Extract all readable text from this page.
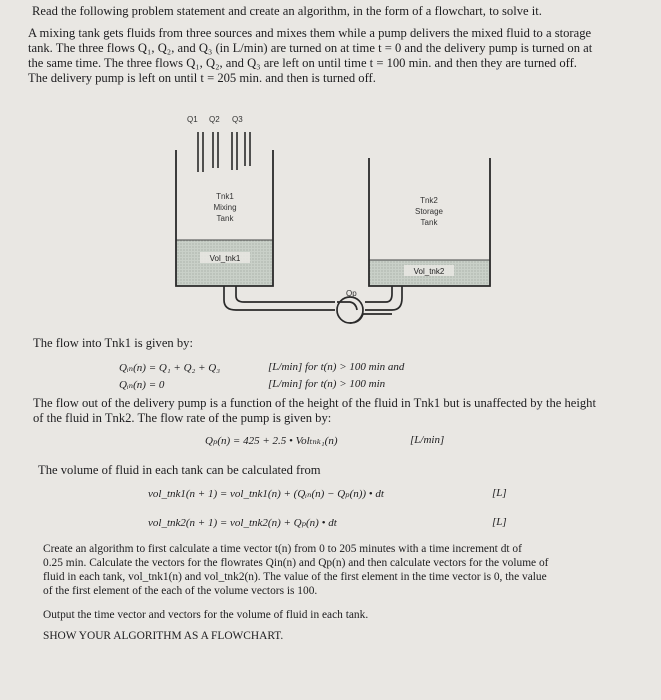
Read the following problem statement and create an algorithm, in the form of a flowchart, to solve it.
A mixing tank gets fluids from three sources and mixes them while a pump delivers the mixed fluid to a storage
tank. The three flows Q₁, Q₂, and Q₃ (in L/min) are turned on at time t = 0 and the delivery pump is turned on at
the same time. The three flows Q₁, Q₂, and Q₃ are left on until time t = 100 min. and then they are turned off.
The delivery pump is left on until t = 205 min. and then is turned off.
Q1 Q2 Q3
Tnk1
Mixing
Tank
Vol_tnk1
Tnk2
Storage
Tank
Vol_tnk2
Qp
The flow into Tnk1 is given by:
Qᵢₙ(n) = Q₁ + Q₂ + Q₃	[L/min] for t(n) > 100 min and
Qᵢₙ(n) = 0	[L/min] for t(n) > 100 min
The flow out of the delivery pump is a function of the height of the fluid in Tnk1 but is unaffected by the height
of the fluid in Tnk2. The flow rate of the pump is given by:
Qₚ(n) = 425 + 2.5 • Volₜₙₖ₁(n)	[L/min]
The volume of fluid in each tank can be calculated from
vol_tnk1(n + 1) = vol_tnk1(n) + (Qᵢₙ(n) − Qₚ(n)) • dt	[L]
vol_tnk2(n + 1) = vol_tnk2(n) + Qₚ(n) • dt	[L]
Create an algorithm to first calculate a time vector t(n) from 0 to 205 minutes with a time increment dt of
0.25 min. Calculate the vectors for the flowrates Qin(n) and Qp(n) and then calculate vectors for the volume of
fluid in each tank, vol_tnk1(n) and vol_tnk2(n). The value of the first element in the time vector is 0, the value
of the first element of the each of the volume vectors is 100.
Output the time vector and vectors for the volume of fluid in each tank.
SHOW YOUR ALGORITHM AS A FLOWCHART.
